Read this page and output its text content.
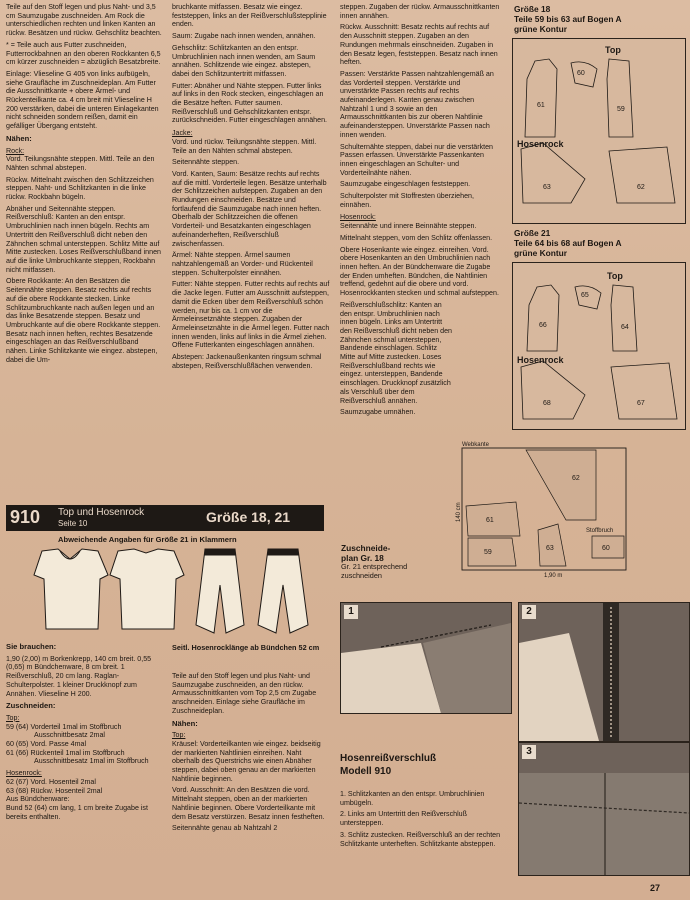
Teile auf den Stoff legen und plus Naht- und 3,5 cm Saumzugabe zuschneiden. Am Rock die unterschiedlichen rechten und linken Kanten an rückw. Besätzen und rückw. Gehschlitz beachten.

* = Teile auch aus Futter zuschneiden, Futterrockbahnen an den oberen Rockkanten 6,5 cm kürzer zuschneiden = abzüglich Besatzbreite.

Einlage: Vlieseline G 405 von links aufbügeln, siehe Graufläche im Zuschneideplan. Am Futter die Ausschnittkante + obere Ärmel- und Rückenteilkante ca. 4 cm breit mit Vlieseline H 200 verstärken, dabei die unteren Einlagekanten nicht schneiden sondern reißen, damit ein gefälliger Übergang entsteht.

Nähen:

Rock:

Vord. Teilungsnähte steppen. Mittl. Teile an den Nähten schmal abstepen.

Rückw. Mittelnaht zwischen den Schlitzzeichen steppen. Naht- und Schlitzkanten in die linke rückw. Rockbahn bügeln.

Abnäher und Seitennähte steppen. Reißverschluß: Kanten an den entspr. Umbruchlinien nach innen bügeln. Rechts am Untertritt den Reißverschluß dicht neben den Zähnchen schmal untersteppen. Schlitz Mitte auf Mitte zustecken. Loses Reißverschlußband innen auf die linke Umbruchkante steppen, Rockbahn nicht mitfassen.

Obere Rockkante: An den Besätzen die Seitennähte steppen. Besatz rechts auf rechts auf die obere Rockkante stecken. Linke Schlitzumbruchkante nach außen legen und an das linke Besatzende steppen. Besatz und Umbruchkante auf die obere Rockkante steppen. Besatz nach innen heften, rechtes Besatzende eingeschlagen an das Reißverschlußband nähen. Linke Schlitzkante wie eingez. abstepen, dabei die Um-

bruchkante mitfassen. Besatz wie eingez. feststeppen, links an der Reißverschlußstepplinie enden.

Saum: Zugabe nach innen wenden, annähen.

Gehschlitz: Schlitzkanten an den entspr. Umbruchlinien nach innen wenden, am Saum annähen. Schlitzende wie eingez. abstepen, dabei den Schlitzuntertritt mitfassen.

Futter: Abnäher und Nähte steppen. Futter links auf links in den Rock stecken, eingeschlagen an die Besätze heften. Futter saumen. Reißverschluß und Gehschlitzkanten entspr. zurückschneiden. Futter eingeschlagen annähen.

Jacke:

Vord. und rückw. Teilungsnähte steppen. Mittl. Teile an den Nähten schmal abstepen.

Seitennähte steppen.

Vord. Kanten, Saum: Besätze rechts auf rechts auf die mittl. Vorderteile legen. Besätze unterhalb der Schlitzzeichen aufsteppen. Zugaben an den Rundungen einschneiden. Besätze und fortlaufend die Saumzugabe nach innen heften. Oberhalb der Schlitzzeichen die offenen Vorderteil- und Besatzkanten eingeschlagen aufeinanderheften, Reißverschluß zwischenfassen.

Ärmel: Nähte steppen. Ärmel saumen nahtzahlengemäß an Vorder- und Rückenteil steppen. Schulterpolster einnähen.

Futter: Nähte steppen. Futter rechts auf rechts auf die Jacke legen. Futter am Ausschnitt aufsteppen, damit die Ecken über dem Reißverschluß schön werden, nur bis ca. 1 cm vor die Ärmeleinsetznähte steppen. Zugaben der Ärmeleinsetznähte in die Ärmel legen. Futter nach innen wenden, links auf links in die Ärmel ziehen. Offene Futterkanten eingeschlagen annähen.

Abstepen: Jackenaußenkanten ringsum schmal abstepen, Reißverschlußflächen verwenden.

steppen. Zugaben der rückw. Armausschnittkanten innen annähen.

Rückw. Ausschnitt: Besatz rechts auf rechts auf den Ausschnitt steppen. Zugaben an den Rundungen mehrmals einschneiden. Zugaben in den Besatz legen, feststeppen. Besatz nach innen heften.

Passen: Verstärkte Passen nahtzahlengemäß an das Vorderteil steppen. Verstärkte und unverstärkte Passen rechts auf rechts aufeinanderlegen. Kanten genau zwischen Nahtzahl 1 und 3 sowie an den Armausschnittkanten bis zur oberen Nahtlinie aufeinandersteppen. Unverstärkte Passen nach innen wenden.

Schulternähte steppen, dabei nur die verstärkten Passen erfassen. Unverstärkte Passenkanten innen eingeschlagen an Schulter- und Vorderteilnähte nähen.

Saumzugabe eingeschlagen feststeppen.

Schulterpolster mit Stoffresten überziehen, einnähen.

Hosenrock:

Seitennähte und innere Beinnähte steppen.

Mittelnaht steppen, vom den Schlitz offenlassen.

Obere Hosenkante wie eingez. einreihen. Vord. obere Hosenkanten an den Umbruchlinien nach innen heften. An der Bündchenware die Zugabe der Enden umheften. Bündchen, die Nahtlinien treffend, gedehnt auf die obere und vord. Hosenrockkanten stecken und schmal aufsteppen.

Reißverschlußschlitz: Kanten an den entspr. Umbruchlinien nach innen bügeln. Links am Untertritt den Reißverschluß dicht neben den Zähnchen schmal untersteppen, Bandende einschlagen. Schlitz Mitte auf Mitte zustecken. Loses Reißverschlußband rechts wie eingez. untersteppen, Bandende einschlagen. Druckknopf zusätzlich als Verschluß über dem Reißverschluß annähen.

Saumzugabe umnähen.

910 Top und Hosenrock
Seite 10	Größe 18, 21
Abweichende Angaben für Größe 21 in Klammern

Sie brauchen:

1,90 (2,00) m Borkenkrepp, 140 cm breit. 0,55 (0,65) m Bündchenware, 8 cm breit. 1 Reißverschluß, 20 cm lang. Raglan-Schulterpolster. 1 kleiner Druckknopf zum Annähen. Vlieseline H 200.

Zuschneiden:

Top:

59 (64) Vorderteil 1mal im Stoffbruch

Ausschnittbesatz 2mal

60 (65) Vord. Passe 4mal

61 (66) Rückenteil 1mal im Stoffbruch

Ausschnittbesatz 1mal im Stoffbruch

Hosenrock:

62 (67) Vord. Hosenteil 2mal

63 (68) Rückw. Hosenteil 2mal

Aus Bündchenware:

Bund 52 (64) cm lang, 1 cm breite Zugabe ist bereits enthalten.

Seitl. Hosenrocklänge ab Bündchen 52 cm

Teile auf den Stoff legen und plus Naht- und Saumzugabe zuschneiden, an den rückw. Armausschnittkanten vom Top 2,5 cm Zugabe anschneiden. Einlage siehe Graufläche im Zuschneideplan.

Nähen:

Top:

Kräusel: Vorderteilkanten wie eingez. beidseitig der markierten Nahtlinien einreihen. Naht oberhalb des Querstrichs wie einen Abnäher steppen, dabei oben genau an der markierten Nahtlinie beginnen.

Vord. Ausschnitt: An den Besätzen die vord. Mittelnaht steppen, oben an der markierten Nahtlinie beginnen. Obere Vorderteilkante mit dem Besatz verstürzen. Besatz innen festheften.

Seitennähte genau ab Nahtzahl 2

Größe 18
Teile 59 bis 63 auf Bogen A
grüne Kontur
Top
Hosenrock
60
61
59
63	62
Größe 21
Teile 64 bis 68 auf Bogen A
grüne Kontur
Top
Hosenrock
65
66	64
68	67
Webkante
Stoffbruch
140 cm
1,90 m
62
61
59
63	60
Zuschneide-plan Gr. 18
Gr. 21 entsprechend zuschneiden
1	2
3
Hosenreißverschluß
Modell 910

1. Schlitzkanten an den entspr. Umbruchlinien umbügeln.

2. Links am Untertritt den Reißverschluß untersteppen.

3. Schlitz zustecken. Reißverschluß an der rechten Schlitzkante unterheften. Schlitzkante absteppen.

27
